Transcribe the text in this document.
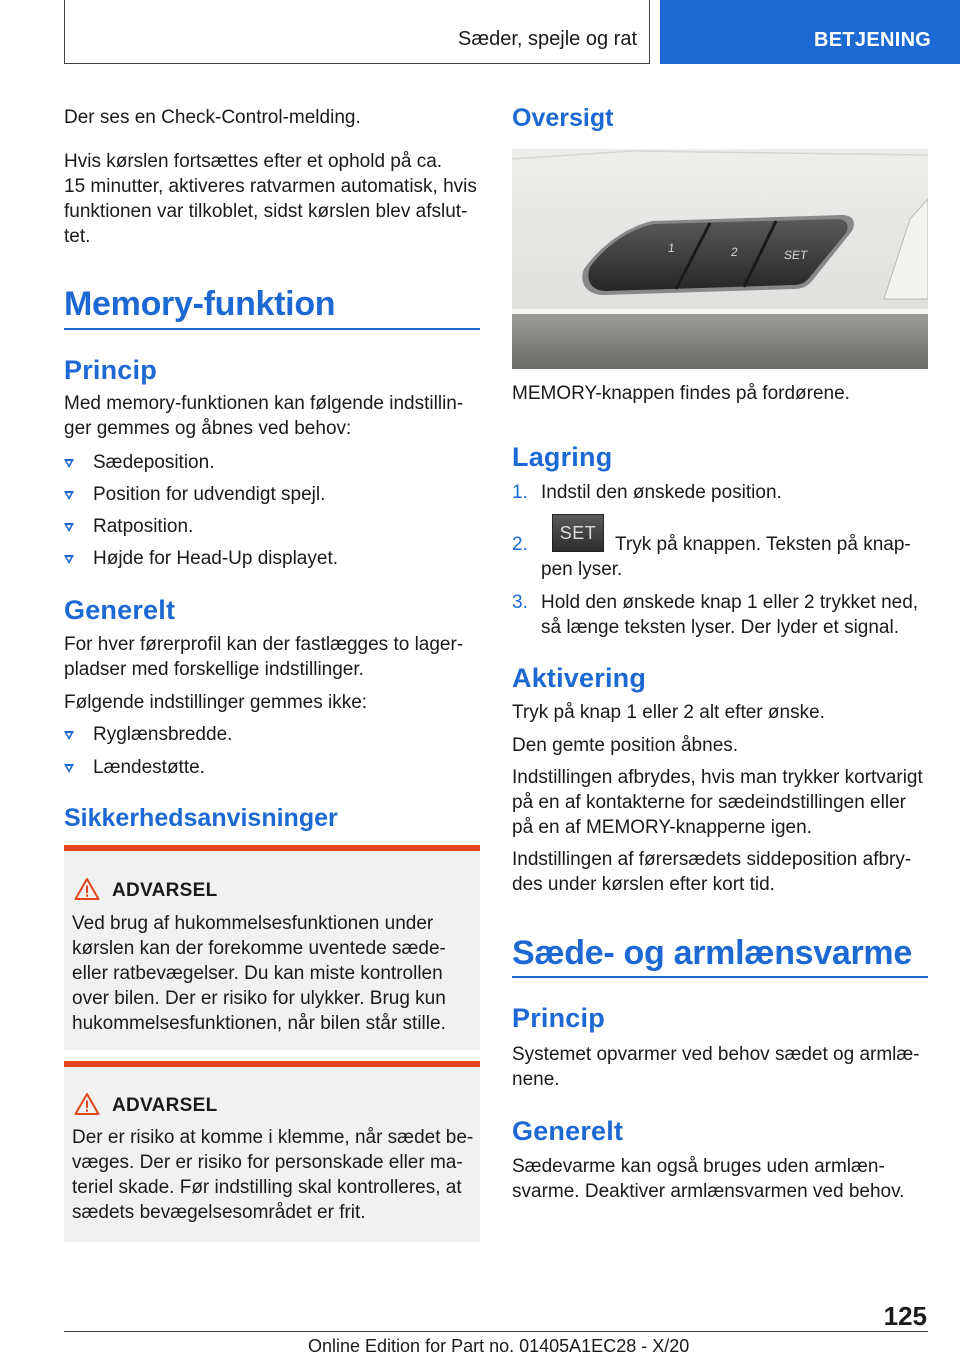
Sæder, spejle og rat	BETJENING
Der ses en Check-Control-melding.
Hvis kørslen fortsættes efter et ophold på ca.
15 minutter, aktiveres ratvarmen automatisk, hvis
funktionen var tilkoblet, sidst kørslen blev afslut-
tet.
Memory-funktion
Princip
Med memory-funktionen kan følgende indstillin-
ger gemmes og åbnes ved behov:
Sædeposition.
Position for udvendigt spejl.
Ratposition.
Højde for Head-Up displayet.
Generelt
For hver førerprofil kan der fastlægges to lager-
pladser med forskellige indstillinger.
Følgende indstillinger gemmes ikke:
Ryglænsbredde.
Lændestøtte.
Sikkerhedsanvisninger
ADVARSEL
Ved brug af hukommelsesfunktionen under
kørslen kan der forekomme uventede sæde-
eller ratbevægelser. Du kan miste kontrollen
over bilen. Der er risiko for ulykker. Brug kun
hukommelsesfunktionen, når bilen står stille.
ADVARSEL
Der er risiko at komme i klemme, når sædet be-
væges. Der er risiko for personskade eller ma-
teriel skade. Før indstilling skal kontrolleres, at
sædets bevægelsesområdet er frit.
Oversigt
1	2	SET
MEMORY-knappen findes på fordørene.
Lagring
1. Indstil den ønskede position.
2.
SET
Tryk på knappen. Teksten på knap-
pen lyser.
3. Hold den ønskede knap 1 eller 2 trykket ned,
så længe teksten lyser. Der lyder et signal.
Aktivering
Tryk på knap 1 eller 2 alt efter ønske.
Den gemte position åbnes.
Indstillingen afbrydes, hvis man trykker kortvarigt
på en af kontakterne for sædeindstillingen eller
på en af MEMORY-knapperne igen.
Indstillingen af førersædets siddeposition afbry-
des under kørslen efter kort tid.
Sæde- og armlænsvarme
Princip
Systemet opvarmer ved behov sædet og armlæ-
nene.
Generelt
Sædevarme kan også bruges uden armlæn-
svarme. Deaktiver armlænsvarmen ved behov.
125
Online Edition for Part no. 01405A1EC28 - X/20
